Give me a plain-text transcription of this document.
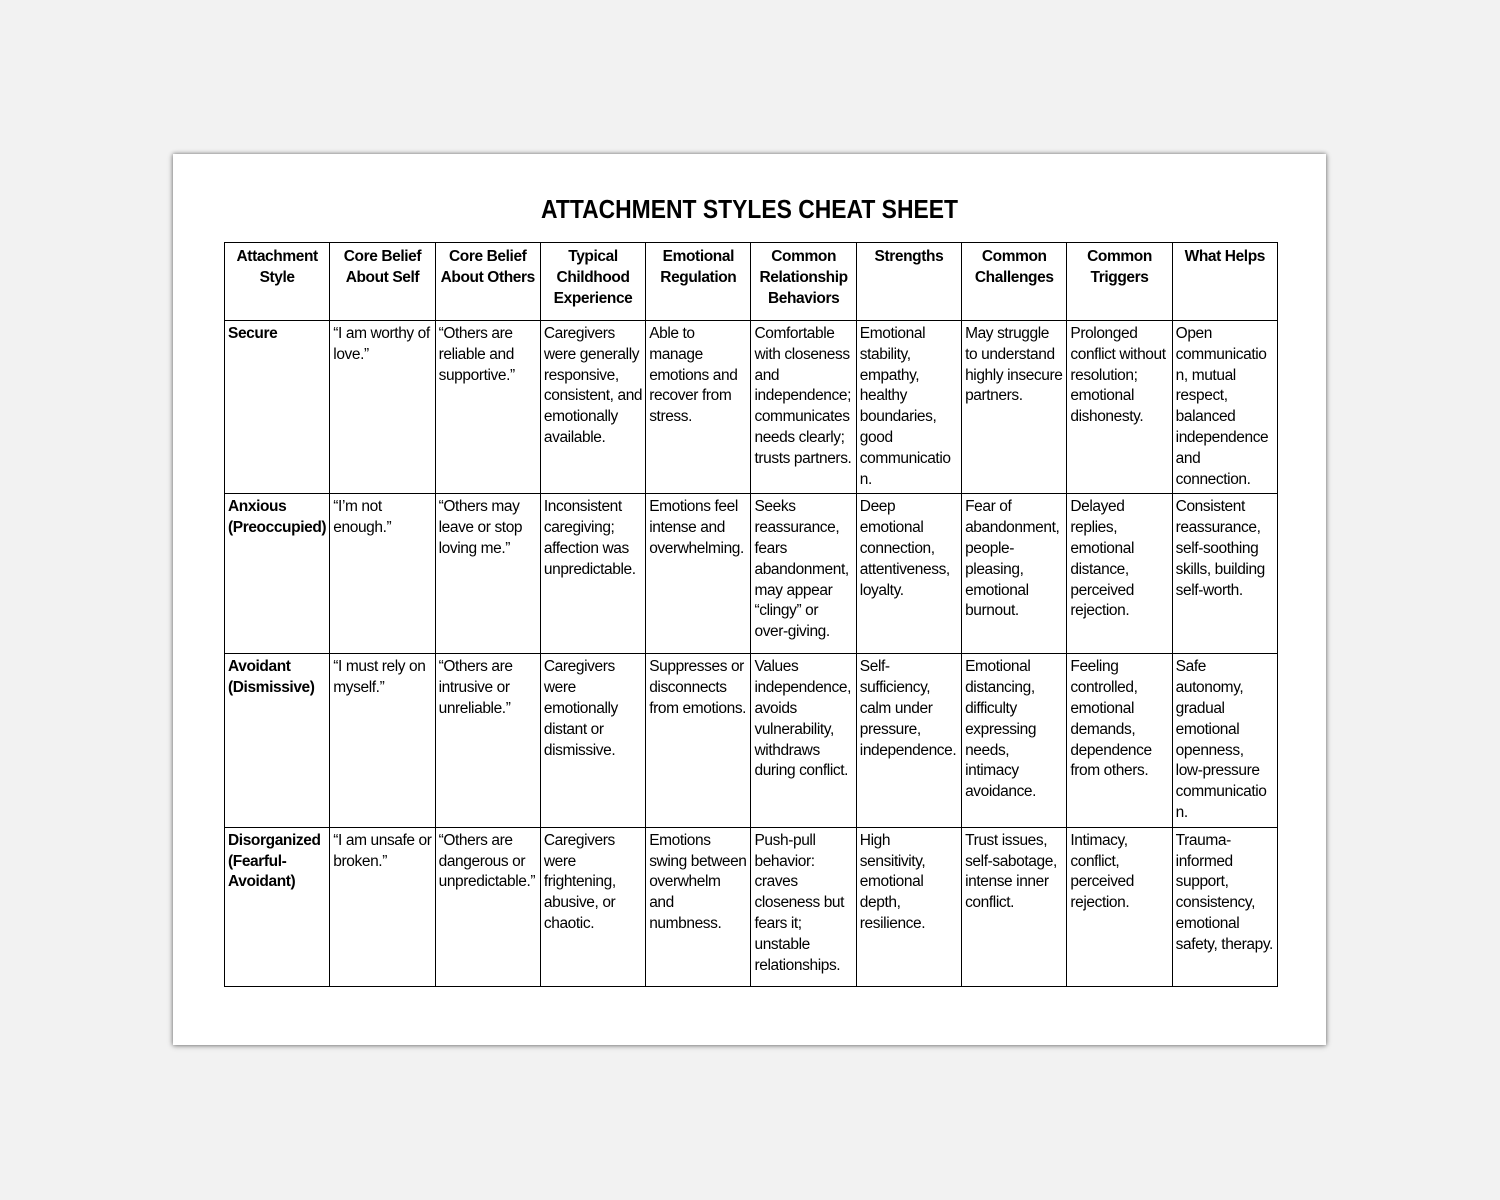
ATTACHMENT STYLES CHEAT SHEET
Attachment Style	Core Belief About Self	Core Belief About Others	Typical Childhood Experience	Emotional Regulation	Common Relationship Behaviors	Strengths	Common Challenges	Common Triggers	What Helps
Secure	“I am worthy of love.”	“Others are reliable and supportive.”	Caregivers were generally responsive, consistent, and emotionally available.	Able to manage emotions and recover from stress.	Comfortable with closeness and independence; communicates needs clearly; trusts partners.	Emotional stability, empathy, healthy boundaries, good communication.	May struggle to understand highly insecure partners.	Prolonged conflict without resolution; emotional dishonesty.	Open communication, mutual respect, balanced independence and connection.
Anxious (Preoccupied)	“I’m not enough.”	“Others may leave or stop loving me.”	Inconsistent caregiving; affection was unpredictable.	Emotions feel intense and overwhelming.	Seeks reassurance, fears abandonment, may appear “clingy” or over-giving.	Deep emotional connection, attentiveness, loyalty.	Fear of abandonment, people-pleasing, emotional burnout.	Delayed replies, emotional distance, perceived rejection.	Consistent reassurance, self-soothing skills, building self-worth.
Avoidant (Dismissive)	“I must rely on myself.”	“Others are intrusive or unreliable.”	Caregivers were emotionally distant or dismissive.	Suppresses or disconnects from emotions.	Values independence, avoids vulnerability, withdraws during conflict.	Self-sufficiency, calm under pressure, independence.	Emotional distancing, difficulty expressing needs, intimacy avoidance.	Feeling controlled, emotional demands, dependence from others.	Safe autonomy, gradual emotional openness, low-pressure communication.
Disorganized (Fearful-Avoidant)	“I am unsafe or broken.”	“Others are dangerous or unpredictable.”	Caregivers were frightening, abusive, or chaotic.	Emotions swing between overwhelm and numbness.	Push-pull behavior: craves closeness but fears it; unstable relationships.	High sensitivity, emotional depth, resilience.	Trust issues, self-sabotage, intense inner conflict.	Intimacy, conflict, perceived rejection.	Trauma-informed support, consistency, emotional safety, therapy.
